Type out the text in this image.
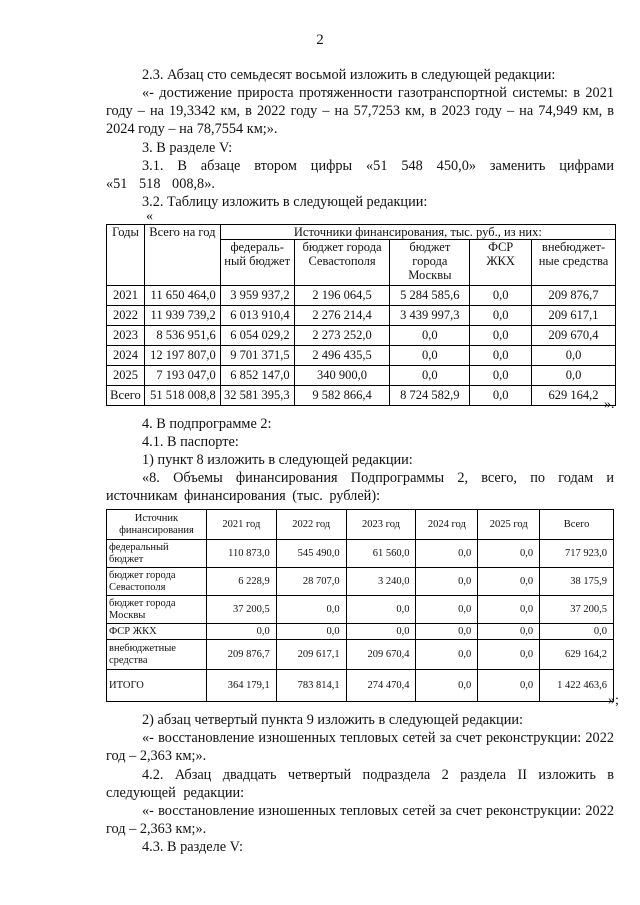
2
2.3. Абзац сто семьдесят восьмой изложить в следующей редакции:
«- достижение прироста протяженности газотранспортной системы: в 2021 году – на 19,3342 км, в 2022 году – на 57,7253 км, в 2023 году – на 74,949 км, в 2024 году – на 78,7554 км;».
3. В разделе V:
3.1. В абзаце втором цифры «51 548 450,0» заменить цифрами «51 518 008,8».
3.2. Таблицу изложить в следующей редакции:
«
Годы	Всего на год	Источники финансирования, тыс. руб., из них:				
		федераль- ный бюджет	бюджет города Севастополя	бюджет города Москвы	ФСР ЖКХ	внебюджет- ные средства
2021	11 650 464,0	3 959 937,2	2 196 064,5	5 284 585,6	0,0	209 876,7
2022	11 939 739,2	6 013 910,4	2 276 214,4	3 439 997,3	0,0	209 617,1
2023	8 536 951,6	6 054 029,2	2 273 252,0	0,0	0,0	209 670,4
2024	12 197 807,0	9 701 371,5	2 496 435,5	0,0	0,0	0,0
2025	7 193 047,0	6 852 147,0	340 900,0	0,0	0,0	0,0
Всего	51 518 008,8	32 581 395,3	9 582 866,4	8 724 582,9	0,0	629 164,2
».
4. В подпрограмме 2:
4.1. В паспорте:
1) пункт 8 изложить в следующей редакции:
«8. Объемы финансирования Подпрограммы 2, всего, по годам и источникам финансирования (тыс. рублей):
Источник финансирования	2021 год	2022 год	2023 год	2024 год	2025 год	Всего
федеральный бюджет	110 873,0	545 490,0	61 560,0	0,0	0,0	717 923,0
бюджет города Севастополя	6 228,9	28 707,0	3 240,0	0,0	0,0	38 175,9
бюджет города Москвы	37 200,5	0,0	0,0	0,0	0,0	37 200,5
ФСР ЖКХ	0,0	0,0	0,0	0,0	0,0	0,0
внебюджетные средства	209 876,7	209 617,1	209 670,4	0,0	0,0	629 164,2
ИТОГО	364 179,1	783 814,1	274 470,4	0,0	0,0	1 422 463,6
»;
2) абзац четвертый пункта 9 изложить в следующей редакции:
«- восстановление изношенных тепловых сетей за счет реконструкции: 2022 год – 2,363 км;».
4.2. Абзац двадцать четвертый подраздела 2 раздела II изложить в следующей редакции:
«- восстановление изношенных тепловых сетей за счет реконструкции: 2022 год – 2,363 км;».
4.3. В разделе V:
